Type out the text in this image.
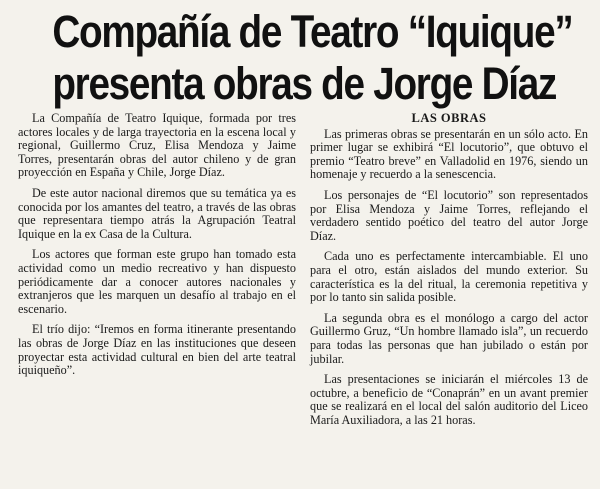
Compañía de Teatro “Iquique”
presenta obras de Jorge Díaz

La Compañía de Teatro Iquique, formada por tres actores locales y de larga trayectoria en la escena local y regional, Guillermo Cruz, Elisa Mendoza y Jaime Torres, presentarán obras del autor chileno y de gran proyección en España y Chile, Jorge Díaz.

De este autor nacional diremos que su temática ya es conocida por los amantes del teatro, a través de las obras que representara tiempo atrás la Agrupación Teatral Iquique en la ex Casa de la Cultura.

Los actores que forman este grupo han tomado esta actividad como un medio recreativo y han dispuesto periódicamente dar a conocer autores nacionales y extranjeros que les marquen un desafío al trabajo en el escenario.

El trío dijo: “Iremos en forma itinerante presentando las obras de Jorge Díaz en las instituciones que deseen proyectar esta actividad cultural en bien del arte teatral iquiqueño”.

LAS OBRAS

Las primeras obras se presentarán en un sólo acto. En primer lugar se exhibirá “El locutorio”, que obtuvo el premio “Teatro breve” en Valladolid en 1976, siendo un homenaje y recuerdo a la senescencia.

Los personajes de “El locutorio” son representados por Elisa Mendoza y Jaime Torres, reflejando el verdadero sentido poético del teatro del autor Jorge Díaz.

Cada uno es perfectamente intercambiable. El uno para el otro, están aislados del mundo exterior. Su característica es la del ritual, la ceremonia repetitiva y por lo tanto sin salida posible.

La segunda obra es el monólogo a cargo del actor Guillermo Gruz, “Un hombre llamado isla”, un recuerdo para todas las personas que han jubilado o están por jubilar.

Las presentaciones se iniciarán el miércoles 13 de octubre, a beneficio de “Conaprán” en un avant premier que se realizará en el local del salón auditorio del Liceo María Auxiliadora, a las 21 horas.
